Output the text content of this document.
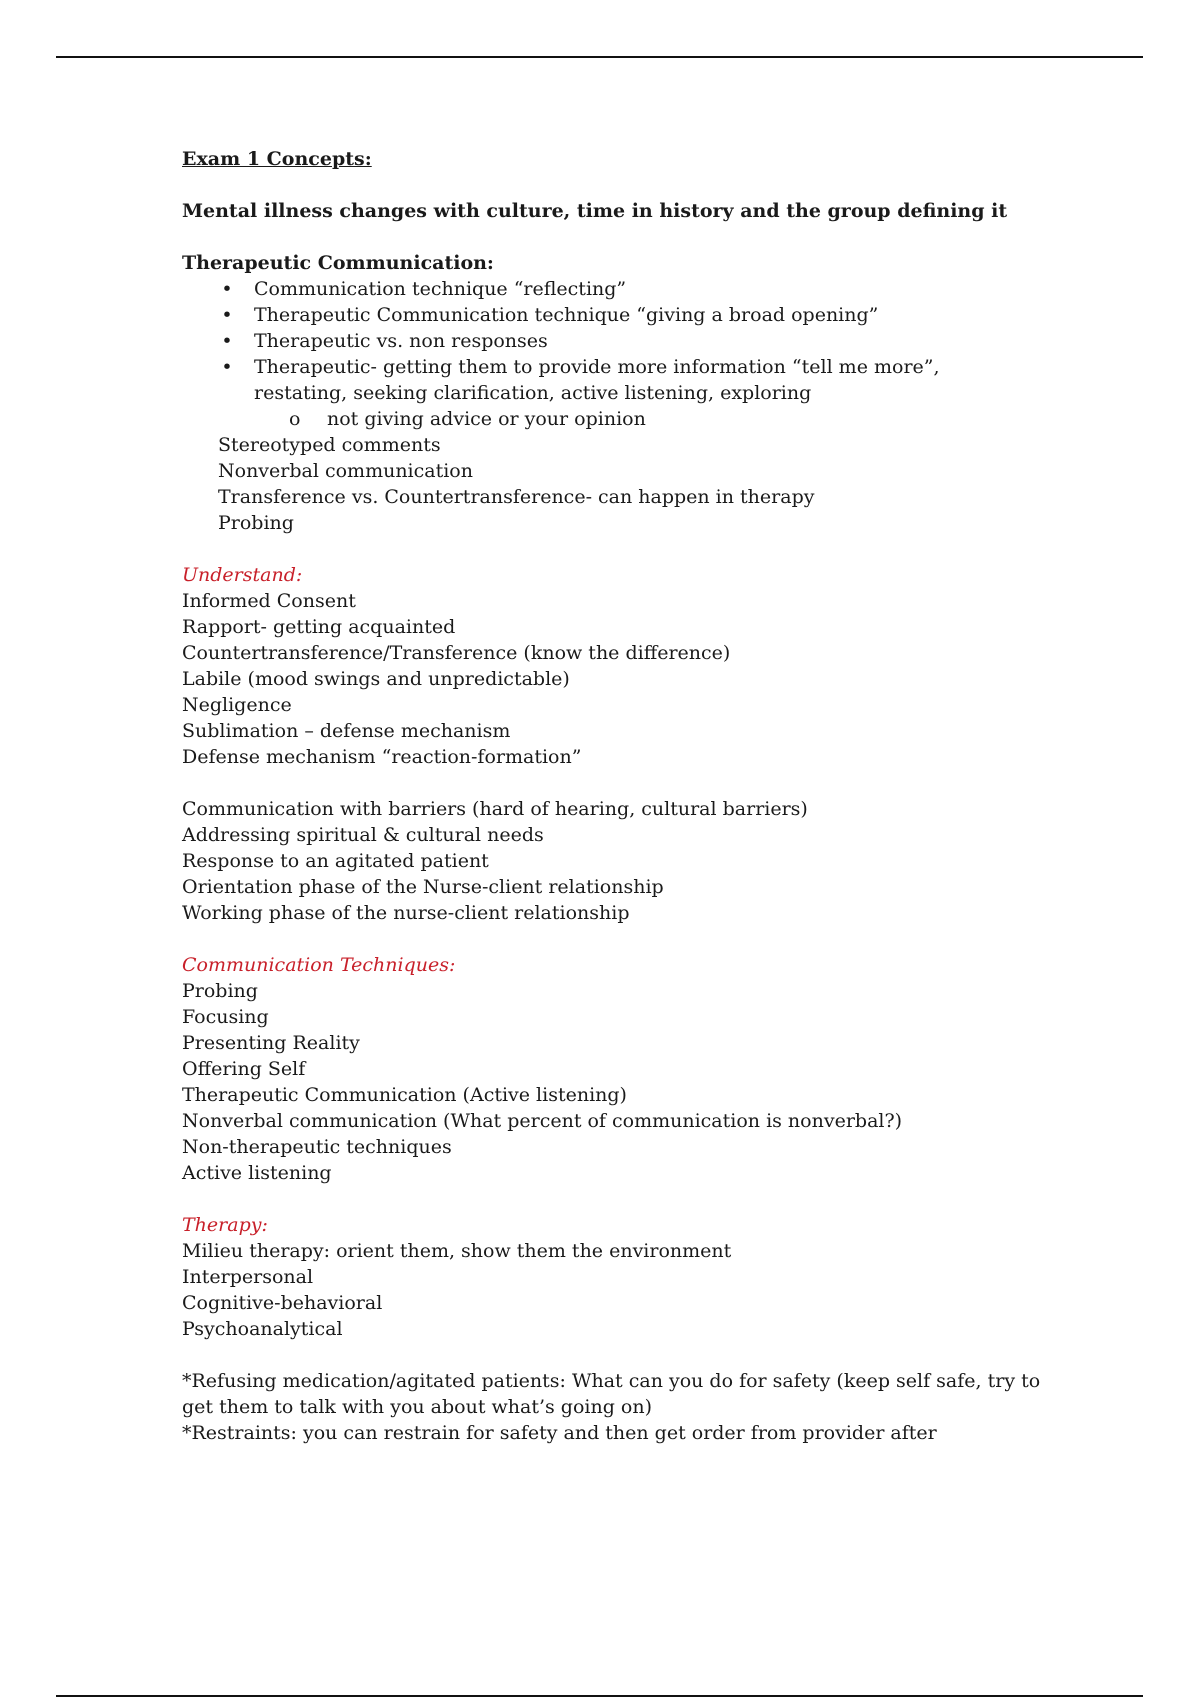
Exam 1 Concepts:
Mental illness changes with culture, time in history and the group defining it
Therapeutic Communication:
• Communication technique “reflecting”
• Therapeutic Communication technique “giving a broad opening”
• Therapeutic vs. non responses
• Therapeutic- getting them to provide more information “tell me more”, restating, seeking clarification, active listening, exploring
o not giving advice or your opinion
Stereotyped comments
Nonverbal communication
Transference vs. Countertransference- can happen in therapy
Probing
Understand:
Informed Consent
Rapport- getting acquainted
Countertransference/Transference (know the difference)
Labile (mood swings and unpredictable)
Negligence
Sublimation – defense mechanism
Defense mechanism “reaction-formation”
Communication with barriers (hard of hearing, cultural barriers)
Addressing spiritual & cultural needs
Response to an agitated patient
Orientation phase of the Nurse-client relationship
Working phase of the nurse-client relationship
Communication Techniques:
Probing
Focusing
Presenting Reality
Offering Self
Therapeutic Communication (Active listening)
Nonverbal communication (What percent of communication is nonverbal?)
Non-therapeutic techniques
Active listening
Therapy:
Milieu therapy: orient them, show them the environment
Interpersonal
Cognitive-behavioral
Psychoanalytical
*Refusing medication/agitated patients: What can you do for safety (keep self safe, try to get them to talk with you about what’s going on)
*Restraints: you can restrain for safety and then get order from provider after
